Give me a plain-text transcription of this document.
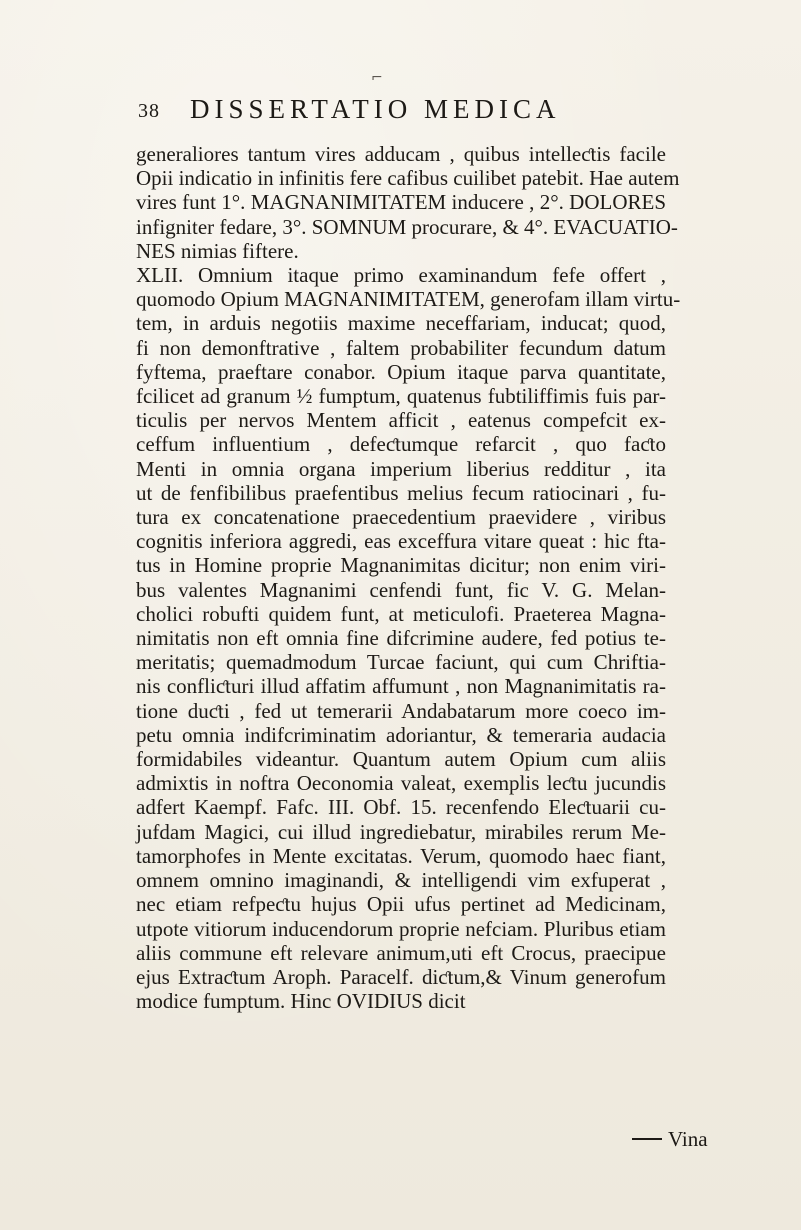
⌐
38 DISSERTATIO MEDICA
generaliores tantum vires adducam , quibus intelleƈtis facile
Opii indicatio in infinitis fere cafibus cuilibet patebit. Hae autem
vires funt 1°. MAGNANIMITATEM inducere , 2°. DOLORES
infigniter fedare, 3°. SOMNUM procurare, & 4°. EVACUATIO-
NES nimias fiftere.
XLII. Omnium itaque primo examinandum fefe offert ,
quomodo Opium MAGNANIMITATEM, generofam illam virtu-
tem, in arduis negotiis maxime neceffariam, inducat; quod,
fi non demonftrative , faltem probabiliter fecundum datum
fyftema, praeftare conabor. Opium itaque parva quantitate,
fcilicet ad granum ½ fumptum, quatenus fubtiliffimis fuis par-
ticulis per nervos Mentem afficit , eatenus compefcit ex-
ceffum influentium , defeƈtumque refarcit , quo faƈto
Menti in omnia organa imperium liberius redditur , ita
ut de fenfibilibus praefentibus melius fecum ratiocinari , fu-
tura ex concatenatione praecedentium praevidere , viribus
cognitis inferiora aggredi, eas exceffura vitare queat : hic fta-
tus in Homine proprie Magnanimitas dicitur; non enim viri-
bus valentes Magnanimi cenfendi funt, fic V. G. Melan-
cholici robufti quidem funt, at meticulofi. Praeterea Magna-
nimitatis non eft omnia fine difcrimine audere, fed potius te-
meritatis; quemadmodum Turcae faciunt, qui cum Chriftia-
nis confliƈturi illud affatim affumunt , non Magnanimitatis ra-
tione duƈti , fed ut temerarii Andabatarum more coeco im-
petu omnia indifcriminatim adoriantur, & temeraria audacia
formidabiles videantur. Quantum autem Opium cum aliis
admixtis in noftra Oeconomia valeat, exemplis leƈtu jucundis
adfert Kaempf. Fafc. III. Obf. 15. recenfendo Eleƈtuarii cu-
jufdam Magici, cui illud ingrediebatur, mirabiles rerum Me-
tamorphofes in Mente excitatas. Verum, quomodo haec fiant,
omnem omnino imaginandi, & intelligendi vim exfuperat ,
nec etiam refpeƈtu hujus Opii ufus pertinet ad Medicinam,
utpote vitiorum inducendorum proprie nefciam. Pluribus etiam
aliis commune eft relevare animum,uti eft Crocus, praecipue
ejus Extraƈtum Aroph. Paracelf. diƈtum,& Vinum generofum
modice fumptum. Hinc OVIDIUS dicit
Vina
